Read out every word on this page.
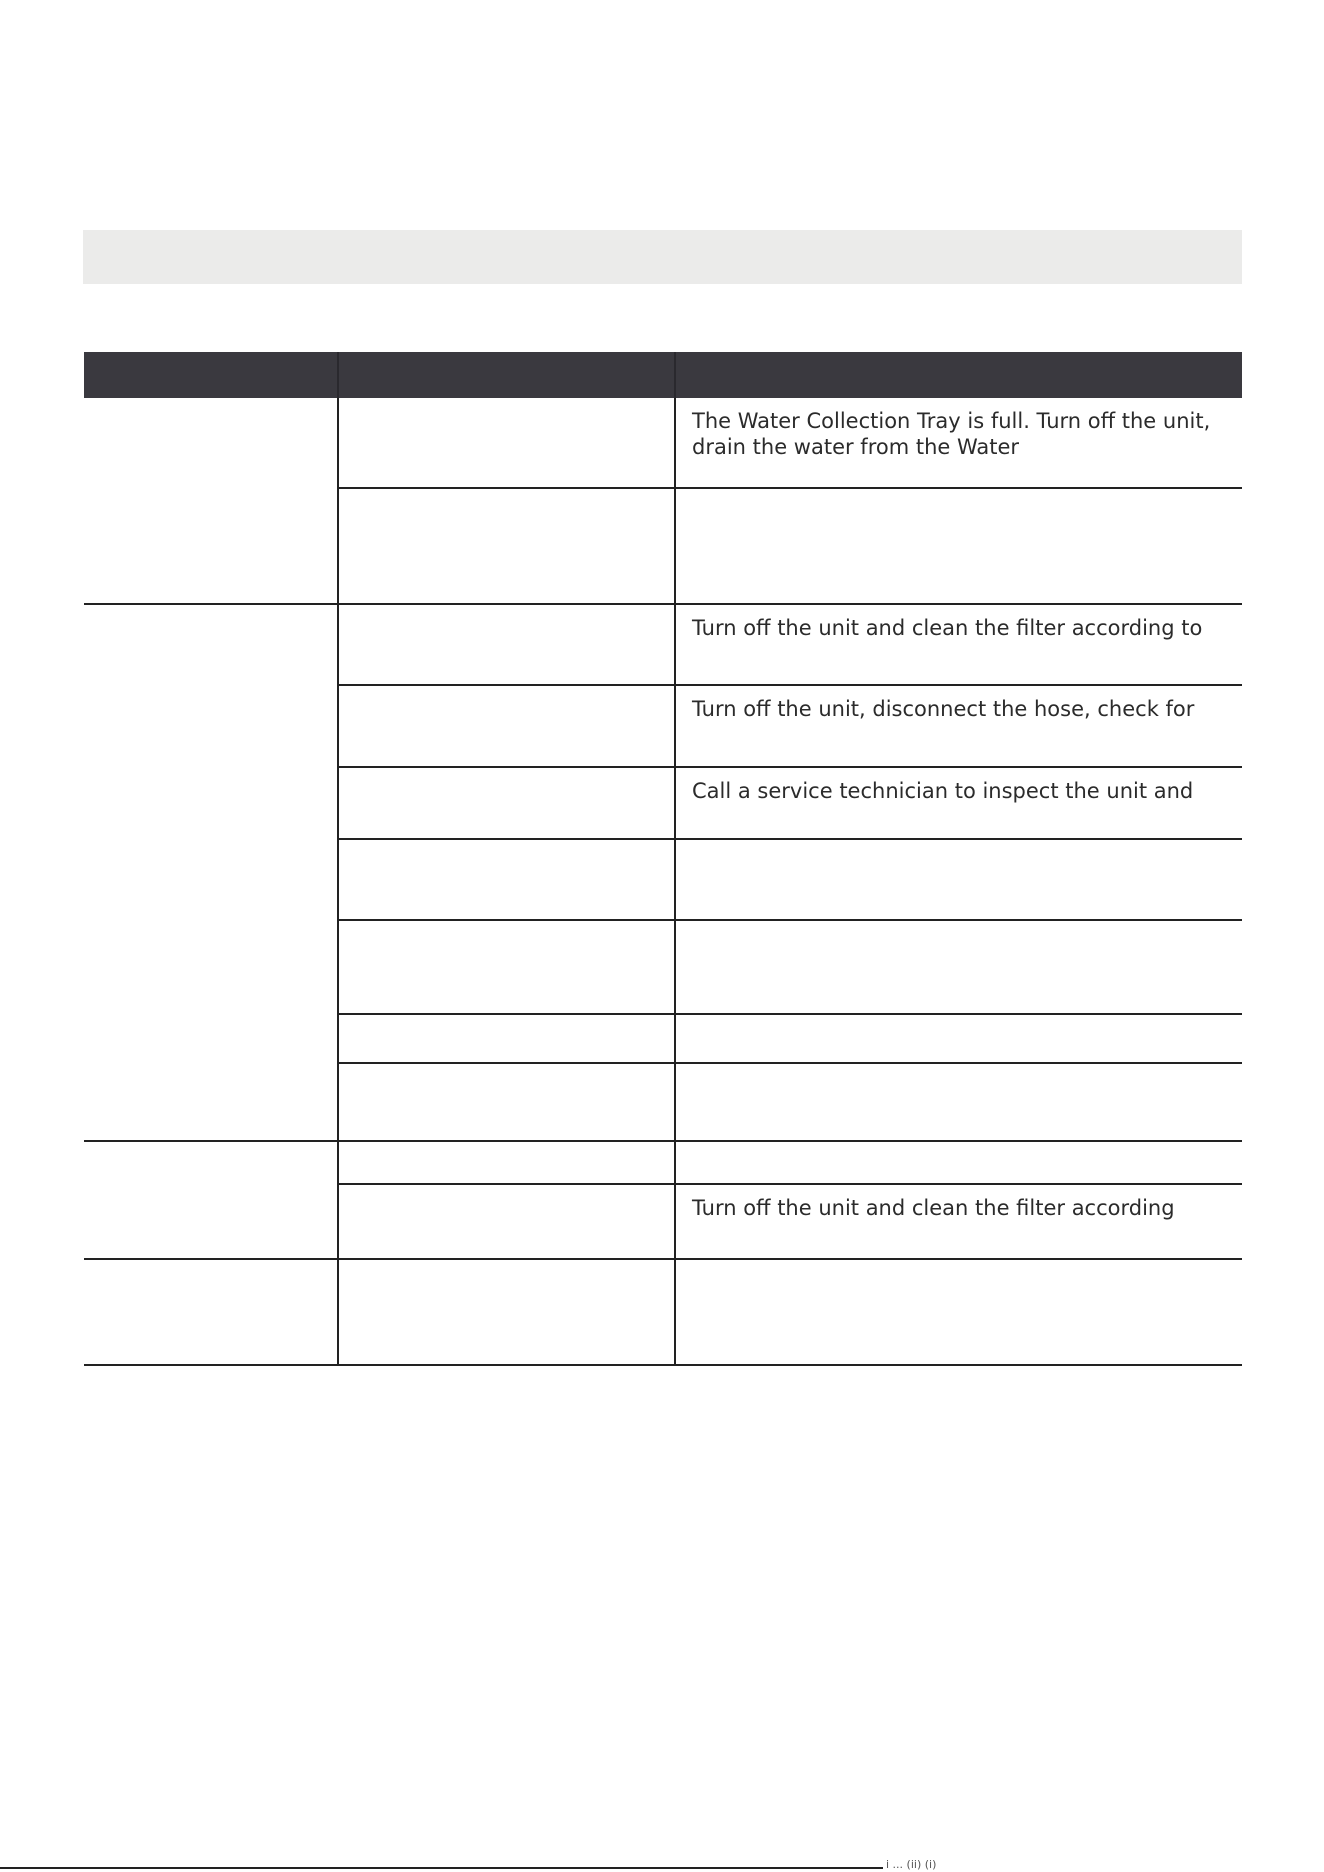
		The Water Collection Tray is full. Turn off the unit,
drain the water from the Water

		Turn off the unit and clean the filter according to

		Turn off the unit, disconnect the hose, check for

		Call a service technician to inspect the unit and

		Turn off the unit and clean the filter according

i ... (ii) (i)
